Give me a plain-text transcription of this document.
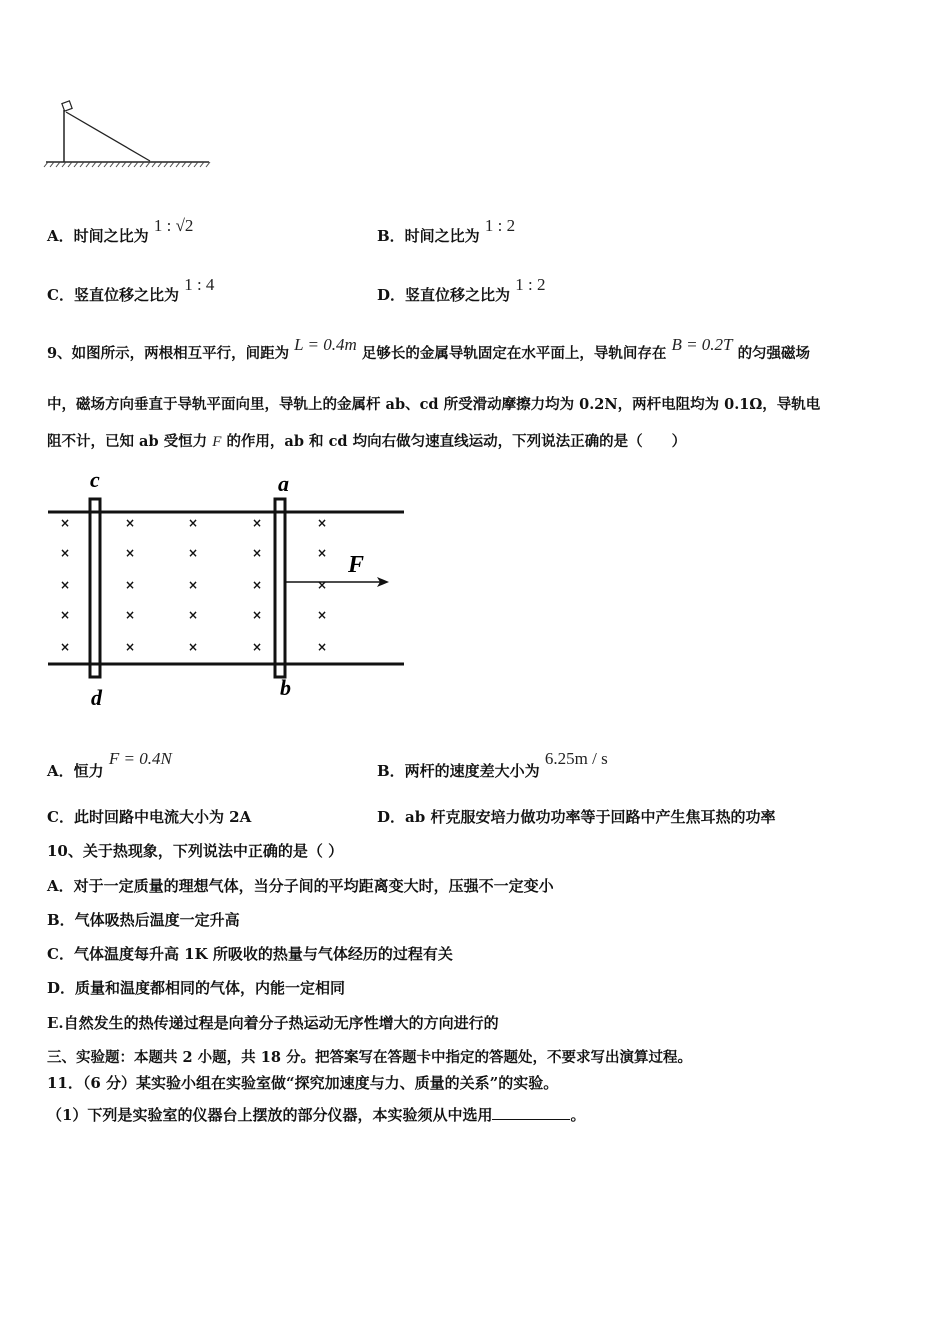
A．时间之比为 1 : √2
B．时间之比为 1 : 2
C．竖直位移之比为 1 : 4
D．竖直位移之比为 1 : 2
9、如图所示，两根相互平行，间距为 L = 0.4m 足够长的金属导轨固定在水平面上，导轨间存在 B = 0.2T 的匀强磁场
中，磁场方向垂直于导轨平面向里，导轨上的金属杆 ab、cd 所受滑动摩擦力均为 0.2N，两杆电阻均为 0.1Ω，导轨电
阻不计，已知 ab 受恒力 F 的作用，ab 和 cd 均向右做匀速直线运动，下列说法正确的是（　　）
c	a
d	b
F
×	×	×	×	×
×	×	×	×	×
×	×	×	×	×
×	×	×	×	×
×	×	×	×	×
A．恒力 F = 0.4N
B．两杆的速度差大小为 6.25m / s
C．此时回路中电流大小为 2A	D．ab 杆克服安培力做功功率等于回路中产生焦耳热的功率
10、关于热现象，下列说法中正确的是（ ）
A．对于一定质量的理想气体，当分子间的平均距离变大时，压强不一定变小
B．气体吸热后温度一定升高
C．气体温度每升高 1K 所吸收的热量与气体经历的过程有关
D．质量和温度都相同的气体，内能一定相同
E.自然发生的热传递过程是向着分子热运动无序性增大的方向进行的
三、实验题：本题共 2 小题，共 18 分。把答案写在答题卡中指定的答题处，不要求写出演算过程。
11．（6 分）某实验小组在实验室做“探究加速度与力、质量的关系”的实验。
（1）下列是实验室的仪器台上摆放的部分仪器，本实验须从中选用	。
